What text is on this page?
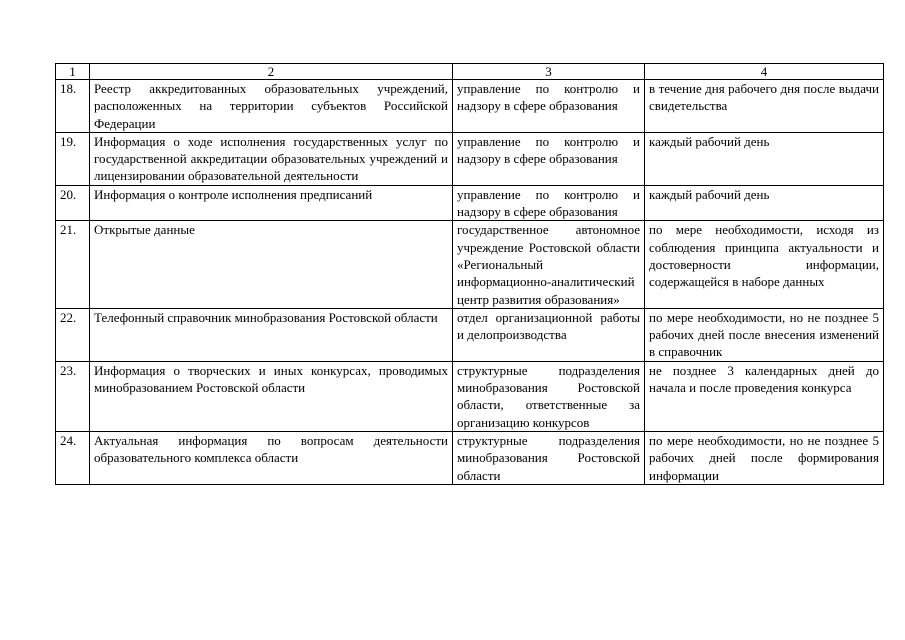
1	2	3	4
18.	Реестр аккредитованных образовательных учреждений, расположенных на территории субъектов Российской Федерации	управление по контролю и надзору в сфере образования	в течение дня рабочего дня после выдачи свидетельства
19.	Информация о ходе исполнения государственных услуг по государственной аккредитации образовательных учреждений и лицензировании образовательной деятельности	управление по контролю и надзору в сфере образования	каждый рабочий день
20.	Информация о контроле исполнения предписаний	управление по контролю и надзору в сфере образования	каждый рабочий день
21.	Открытые данные	государственное автономное учреждение Ростовской области «Региональный информационно-аналитический центр развития образования»	по мере необходимости, исходя из соблюдения принципа актуальности и достоверности информации, содержащейся в наборе данных
22.	Телефонный справочник минобразования Ростовской области	отдел организационной работы и делопроизводства	по мере необходимости, но не позднее 5 рабочих дней после внесения изменений в справочник
23.	Информация о творческих и иных конкурсах, проводимых минобразованием Ростовской области	структурные подразделения минобразования Ростовской области, ответственные за организацию конкурсов	не позднее 3 календарных дней до начала и после проведения конкурса
24.	Актуальная информация по вопросам деятельности образовательного комплекса области	структурные подразделения минобразования Ростовской области	по мере необходимости, но не позднее 5 рабочих дней после формирования информации
